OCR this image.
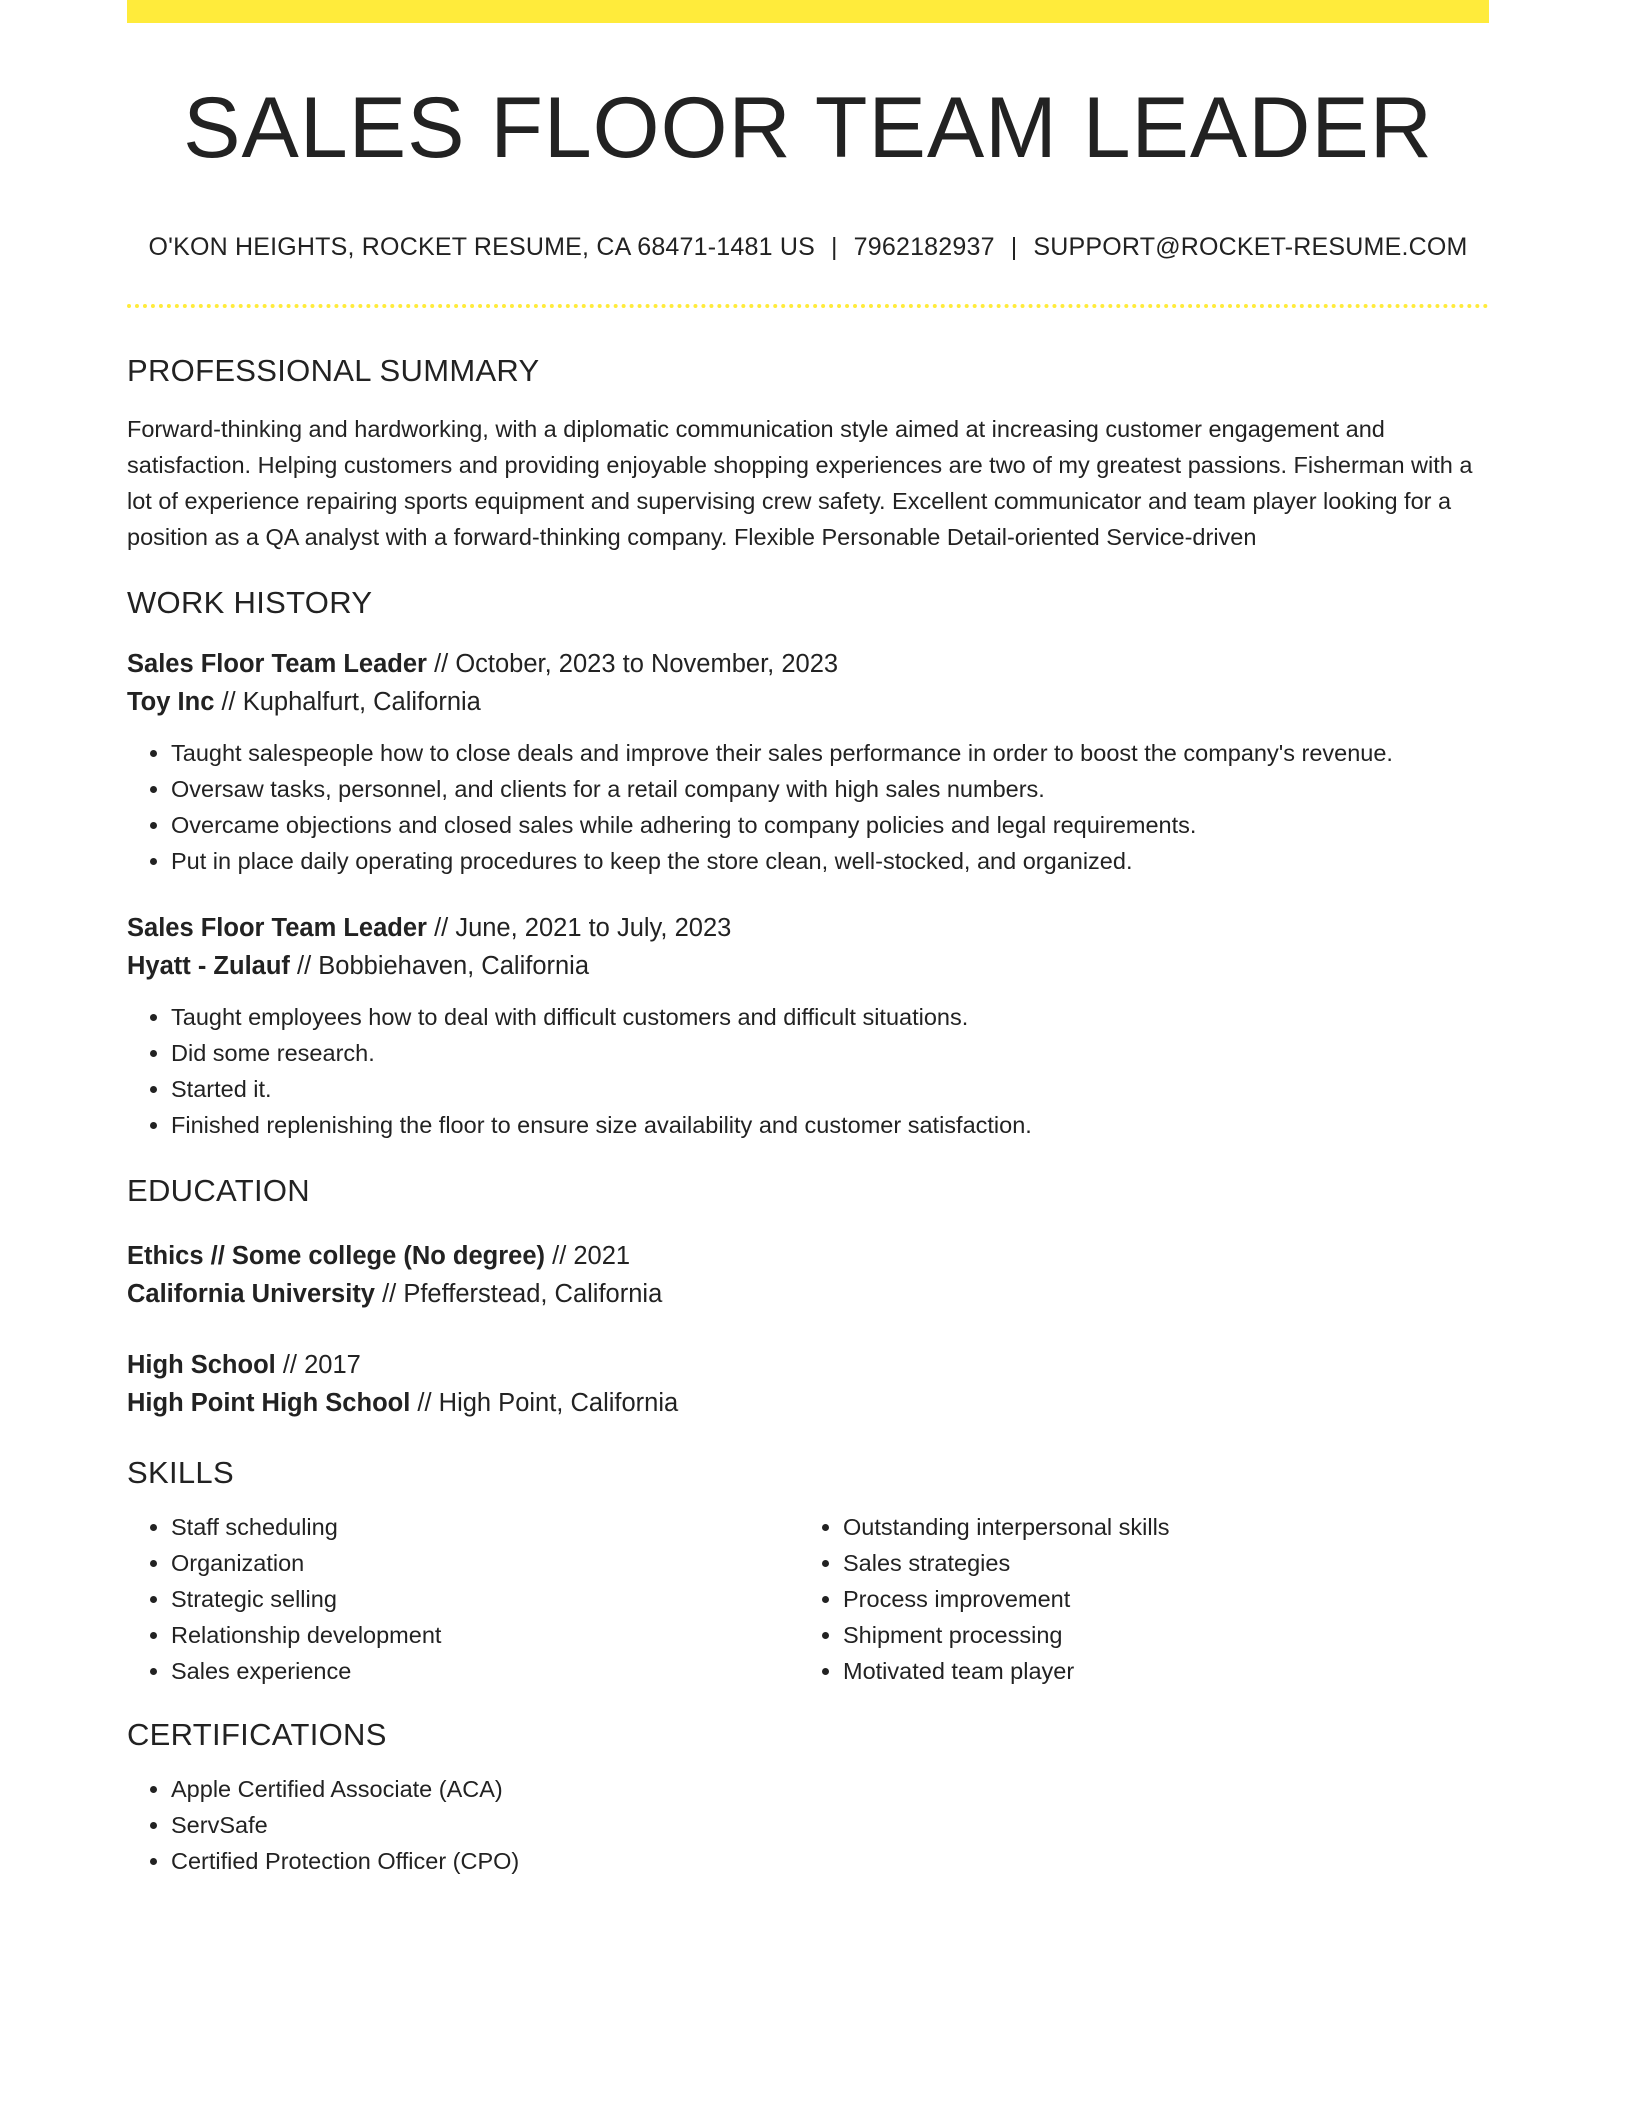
SALES FLOOR TEAM LEADER
O'KON HEIGHTS, ROCKET RESUME, CA 68471-1481 US | 7962182937 | SUPPORT@ROCKET-RESUME.COM
PROFESSIONAL SUMMARY
Forward-thinking and hardworking, with a diplomatic communication style aimed at increasing customer engagement and satisfaction. Helping customers and providing enjoyable shopping experiences are two of my greatest passions. Fisherman with a lot of experience repairing sports equipment and supervising crew safety. Excellent communicator and team player looking for a position as a QA analyst with a forward-thinking company. Flexible Personable Detail-oriented Service-driven
WORK HISTORY
Sales Floor Team Leader // October, 2023 to November, 2023
Toy Inc // Kuphalfurt, California
• Taught salespeople how to close deals and improve their sales performance in order to boost the company's revenue.
• Oversaw tasks, personnel, and clients for a retail company with high sales numbers.
• Overcame objections and closed sales while adhering to company policies and legal requirements.
• Put in place daily operating procedures to keep the store clean, well-stocked, and organized.
Sales Floor Team Leader // June, 2021 to July, 2023
Hyatt - Zulauf // Bobbiehaven, California
• Taught employees how to deal with difficult customers and difficult situations.
• Did some research.
• Started it.
• Finished replenishing the floor to ensure size availability and customer satisfaction.
EDUCATION
Ethics // Some college (No degree) // 2021
California University // Pfefferstead, California
High School // 2017
High Point High School // High Point, California
SKILLS
• Staff scheduling
• Organization
• Strategic selling
• Relationship development
• Sales experience
• Outstanding interpersonal skills
• Sales strategies
• Process improvement
• Shipment processing
• Motivated team player
CERTIFICATIONS
• Apple Certified Associate (ACA)
• ServSafe
• Certified Protection Officer (CPO)
